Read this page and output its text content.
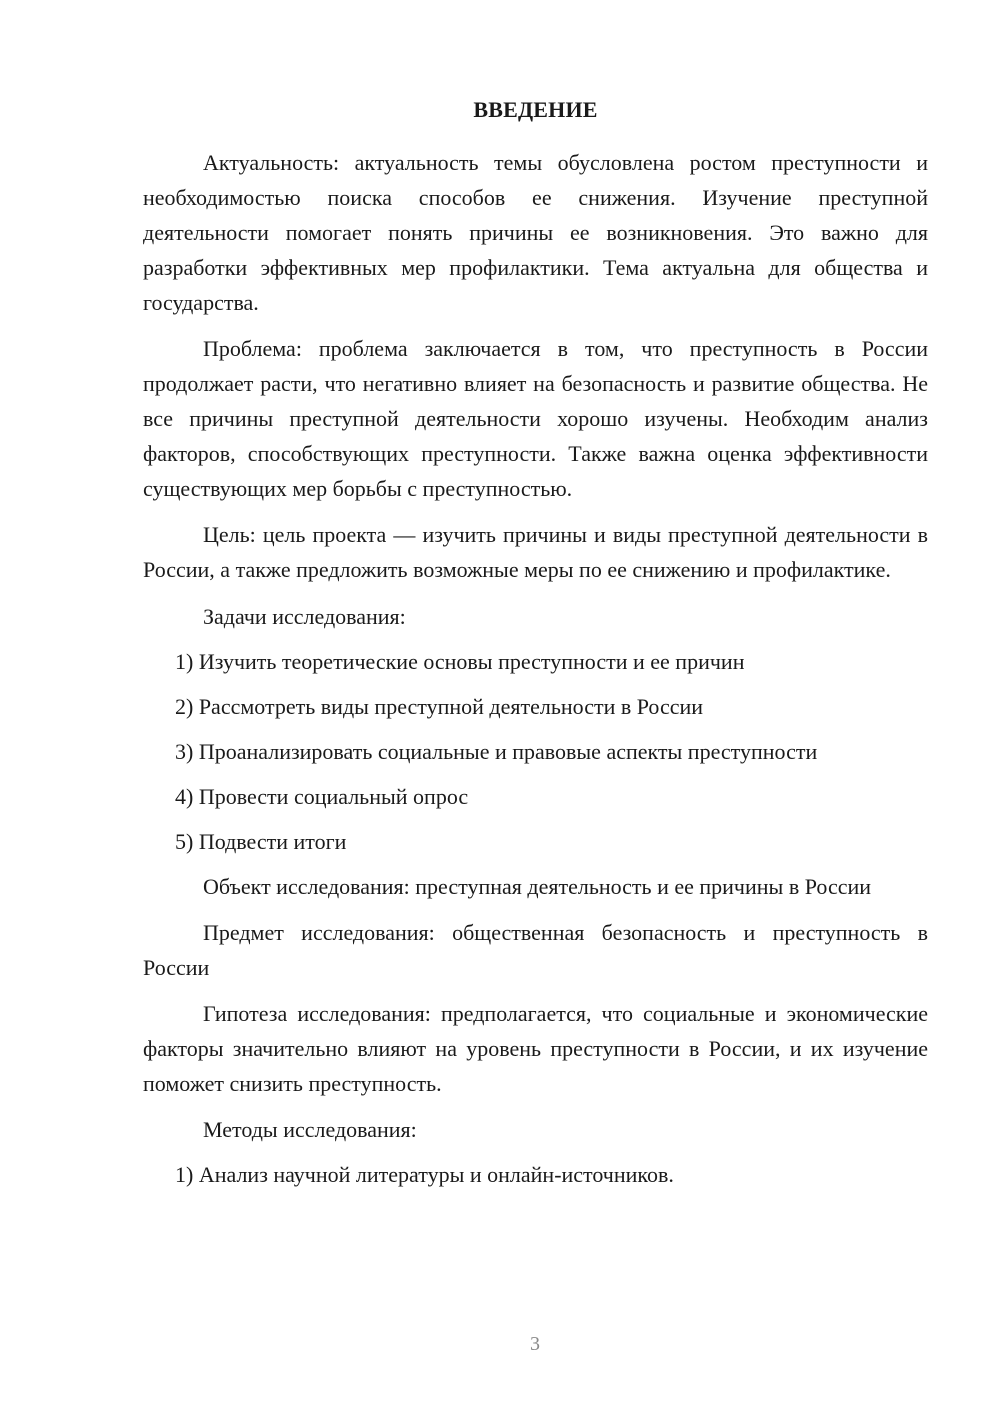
ВВЕДЕНИЕ

Актуальность: актуальность темы обусловлена ростом преступности и необходимостью поиска способов ее снижения. Изучение преступной деятельности помогает понять причины ее возникновения. Это важно для разработки эффективных мер профилактики. Тема актуальна для общества и государства.

Проблема: проблема заключается в том, что преступность в России продолжает расти, что негативно влияет на безопасность и развитие общества. Не все причины преступной деятельности хорошо изучены. Необходим анализ факторов, способствующих преступности. Также важна оценка эффективности существующих мер борьбы с преступностью.

Цель: цель проекта — изучить причины и виды преступной деятельности в России, а также предложить возможные меры по ее снижению и профилактике.

Задачи исследования:

1) Изучить теоретические основы преступности и ее причин
2) Рассмотреть виды преступной деятельности в России
3) Проанализировать социальные и правовые аспекты преступности
4) Провести социальный опрос
5) Подвести итоги

Объект исследования: преступная деятельность и ее причины в России

Предмет исследования: общественная безопасность и преступность в России

Гипотеза исследования: предполагается, что социальные и экономические факторы значительно влияют на уровень преступности в России, и их изучение поможет снизить преступность.

Методы исследования:

1) Анализ научной литературы и онлайн-источников.
3
